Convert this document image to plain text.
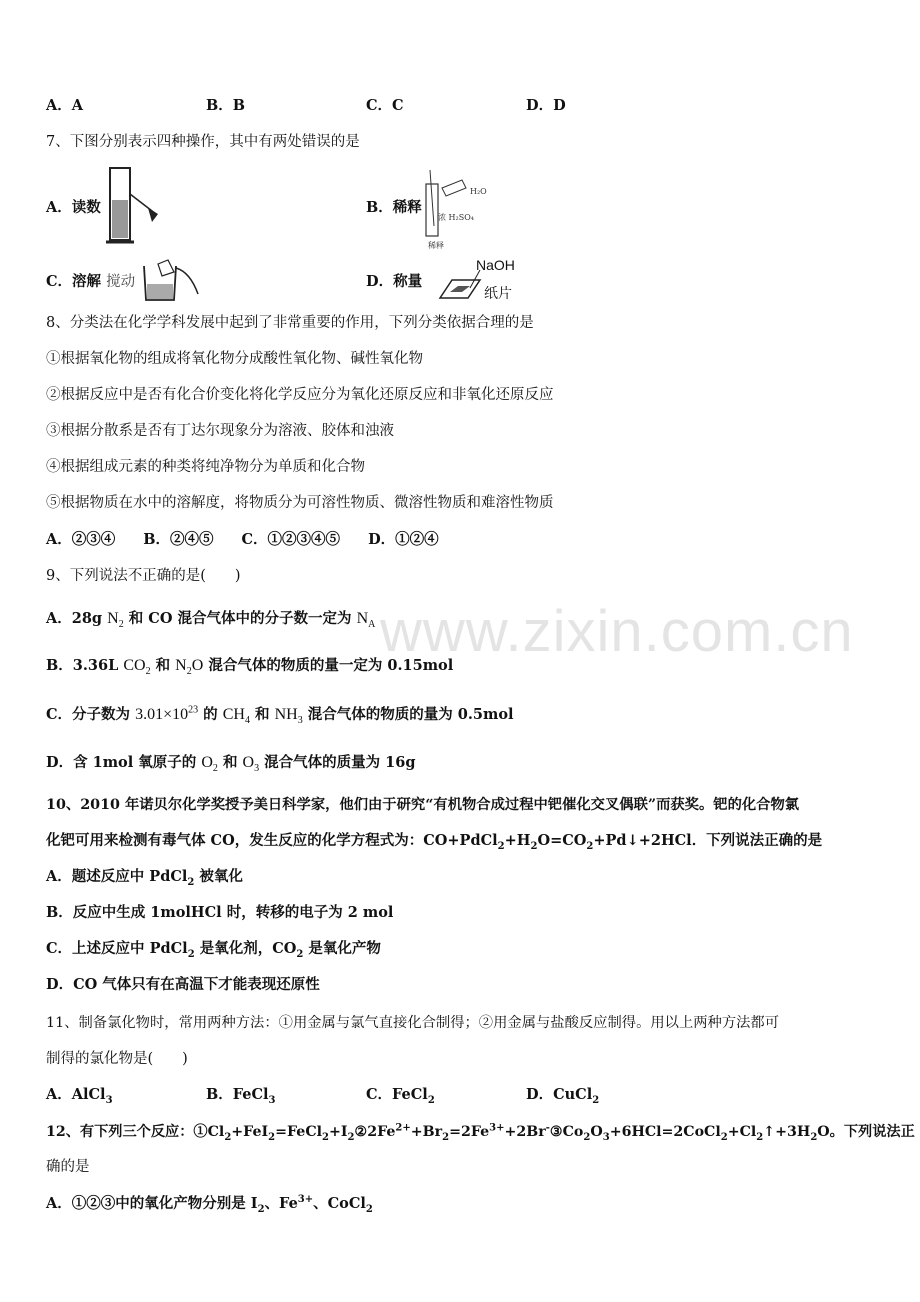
A．A	B．B	C．C	D．D
7、下图分别表示四种操作，其中有两处错误的是
A．读数	B．稀释
H₂O
浓 H₂SO₄
稀释
C．溶解 搅动	D．称量
NaOH
纸片
8、分类法在化学学科发展中起到了非常重要的作用，下列分类依据合理的是
①根据氧化物的组成将氧化物分成酸性氧化物、碱性氧化物
②根据反应中是否有化合价变化将化学反应分为氧化还原反应和非氧化还原反应
③根据分散系是否有丁达尔现象分为溶液、胶体和浊液
④根据组成元素的种类将纯净物分为单质和化合物
⑤根据物质在水中的溶解度，将物质分为可溶性物质、微溶性物质和难溶性物质
A．②③④ B．②④⑤ C．①②③④⑤ D．①②④
9、下列说法不正确的是(　　)
www.zixin.com.cn
A．28g $N_2$ 和 CO 混合气体中的分子数一定为 $N_A$
B．3.36L $CO_2$ 和 $N_2O$ 混合气体的物质的量一定为 0.15mol
C．分子数为 $3.01\times 10^{23}$ 的 $CH_4$ 和 $NH_3$ 混合气体的物质的量为 0.5mol
D．含 1mol 氧原子的 $O_2$ 和 $O_3$ 混合气体的质量为 16g
10、2010 年诺贝尔化学奖授予美日科学家，他们由于研究“有机物合成过程中钯催化交叉偶联”而获奖。钯的化合物氯
化钯可用来检测有毒气体 CO，发生反应的化学方程式为：$CO+PdCl_2+H_2O=CO_2+Pd↓+2HCl$．下列说法正确的是
A．题述反应中 PdCl$_2$ 被氧化
B．反应中生成 1molHCl 时，转移的电子为 2 mol
C．上述反应中 PdCl$_2$ 是氧化剂，$CO_2$ 是氧化产物
D．CO 气体只有在高温下才能表现还原性
11、制备氯化物时，常用两种方法：①用金属与氯气直接化合制得；②用金属与盐酸反应制得。用以上两种方法都可
制得的氯化物是(　　)
A．AlCl$_3$	B．FeCl$_3$	C．FeCl$_2$	D．CuCl$_2$
12、有下列三个反应：$①Cl_2+FeI_2=FeCl_2+I_2②2Fe^{2+}+Br_2=2Fe^{3+}+2Br^-③Co_2O_3+6HCl=2CoCl_2+Cl_2↑+3H_2O$。下列说法正
确的是
A．①②③中的氧化产物分别是 $I_2$、$Fe^{3+}$、CoCl$_2$
